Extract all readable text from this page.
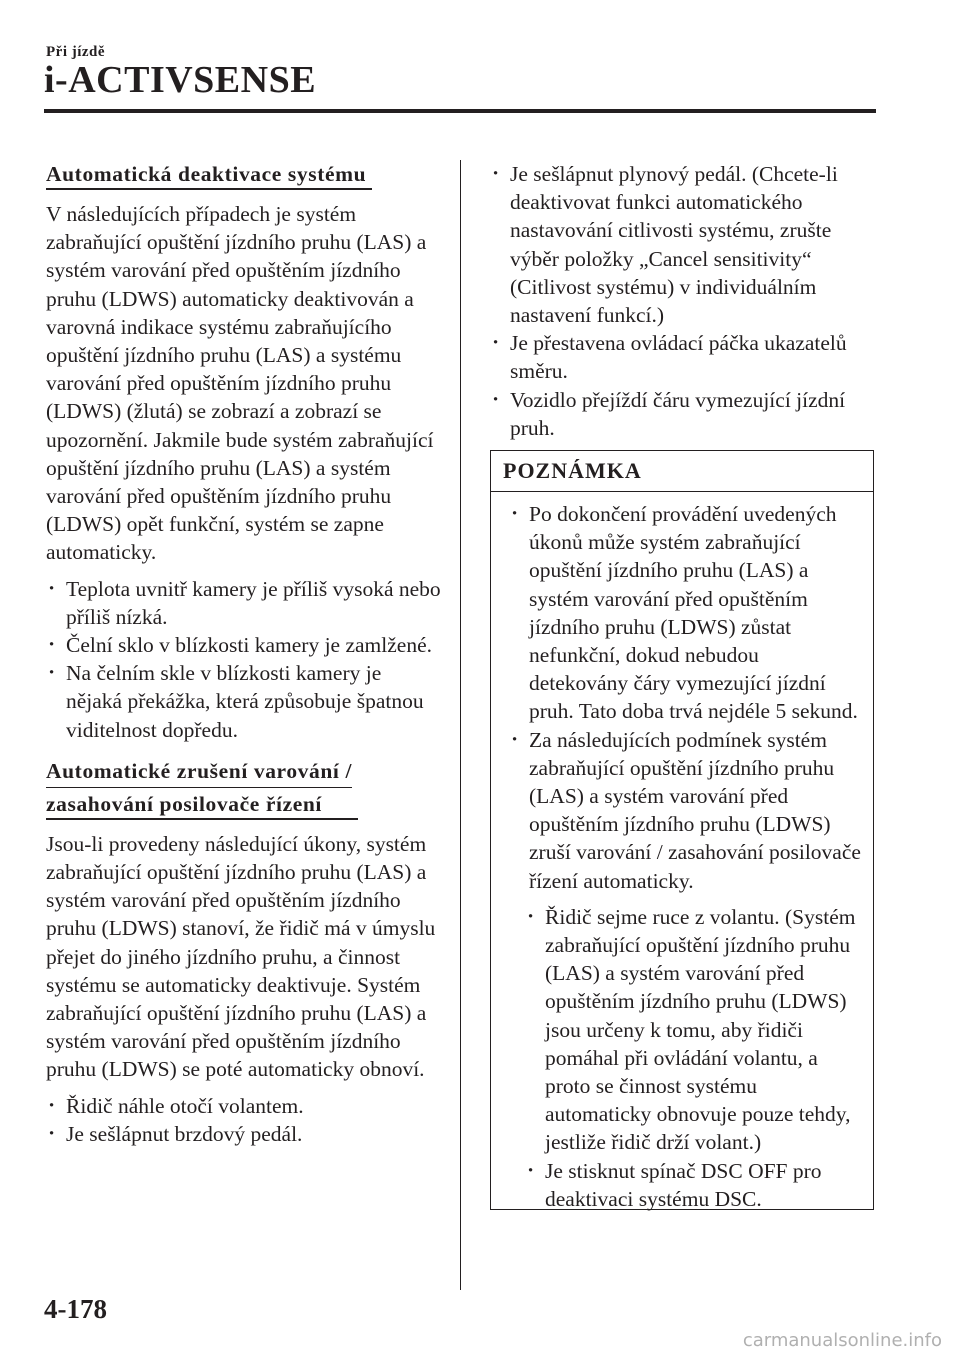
Při jízdě
i-ACTIVSENSE
Automatická deaktivace systému

V následujících případech je systém zabraňující opuštění jízdního pruhu (LAS) a systém varování před opuštěním jízdního pruhu (LDWS) automaticky deaktivován a varovná indikace systému zabraňujícího opuštění jízdního pruhu (LAS) a systému varování před opuštěním jízdního pruhu (LDWS) (žlutá) se zobrazí a zobrazí se upozornění. Jakmile bude systém zabraňující opuštění jízdního pruhu (LAS) a systém varování před opuštěním jízdního pruhu (LDWS) opět funkční, systém se zapne automaticky.

· Teplota uvnitř kamery je příliš vysoká nebo příliš nízká.
· Čelní sklo v blízkosti kamery je zamlžené.
· Na čelním skle v blízkosti kamery je nějaká překážka, která způsobuje špatnou viditelnost dopředu.
Automatické zrušení varování /
zasahování posilovače řízení

Jsou-li provedeny následující úkony, systém zabraňující opuštění jízdního pruhu (LAS) a systém varování před opuštěním jízdního pruhu (LDWS) stanoví, že řidič má v úmyslu přejet do jiného jízdního pruhu, a činnost systému se automaticky deaktivuje. Systém zabraňující opuštění jízdního pruhu (LAS) a systém varování před opuštěním jízdního pruhu (LDWS) se poté automaticky obnoví.

· Řidič náhle otočí volantem.
· Je sešlápnut brzdový pedál.
· Je sešlápnut plynový pedál. (Chcete-li deaktivovat funkci automatického nastavování citlivosti systému, zrušte výběr položky „Cancel sensitivity“ (Citlivost systému) v individuálním nastavení funkcí.)
· Je přestavena ovládací páčka ukazatelů směru.
· Vozidlo přejíždí čáru vymezující jízdní pruh.
POZNÁMKA
· Po dokončení provádění uvedených úkonů může systém zabraňující opuštění jízdního pruhu (LAS) a systém varování před opuštěním jízdního pruhu (LDWS) zůstat nefunkční, dokud nebudou detekovány čáry vymezující jízdní pruh. Tato doba trvá nejdéle 5 sekund.
· Za následujících podmínek systém zabraňující opuštění jízdního pruhu (LAS) a systém varování před opuštěním jízdního pruhu (LDWS) zruší varování / zasahování posilovače řízení automaticky.
· Řidič sejme ruce z volantu. (Systém zabraňující opuštění jízdního pruhu (LAS) a systém varování před opuštěním jízdního pruhu (LDWS) jsou určeny k tomu, aby řidiči pomáhal při ovládání volantu, a proto se činnost systému automaticky obnovuje pouze tehdy, jestliže řidič drží volant.)
· Je stisknut spínač DSC OFF pro deaktivaci systému DSC.
4-178
carmanualsonline.info
